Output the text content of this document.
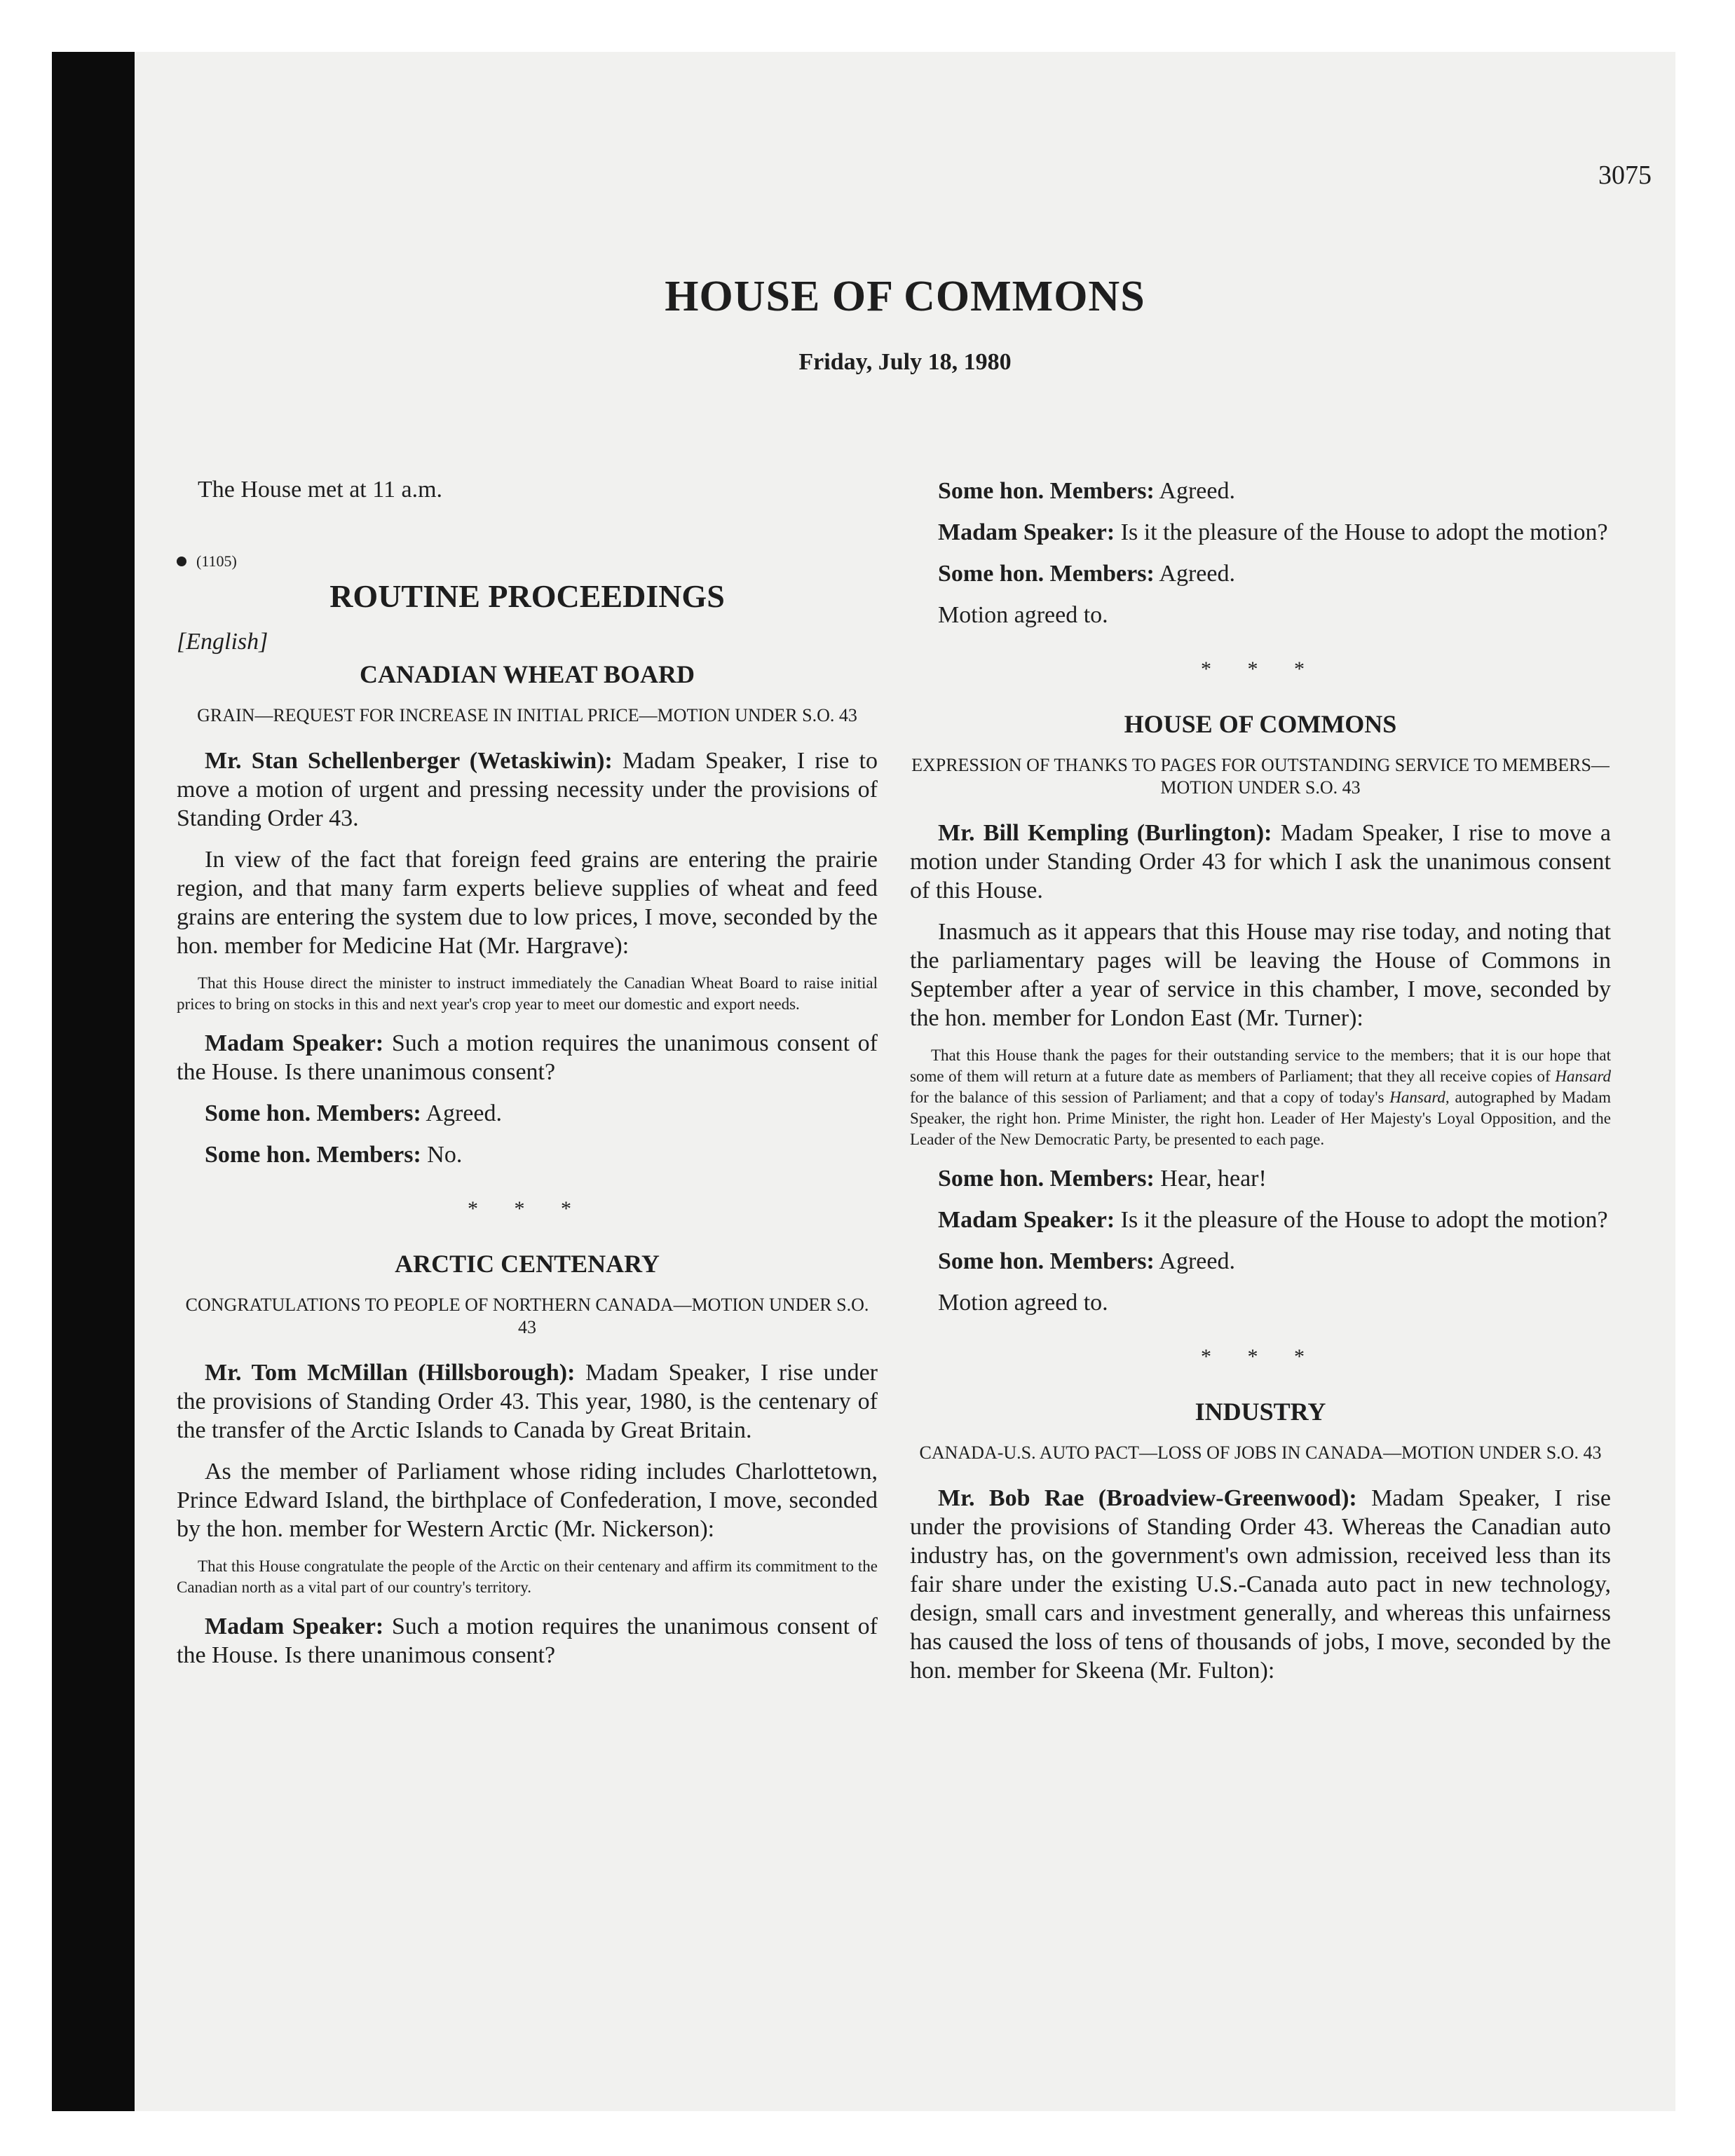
3075
HOUSE OF COMMONS
Friday, July 18, 1980

The House met at 11 a.m.

(1105)
ROUTINE PROCEEDINGS
[English]
CANADIAN WHEAT BOARD
GRAIN—REQUEST FOR INCREASE IN INITIAL PRICE—MOTION UNDER S.O. 43

Mr. Stan Schellenberger (Wetaskiwin): Madam Speaker, I rise to move a motion of urgent and pressing necessity under the provisions of Standing Order 43.

In view of the fact that foreign feed grains are entering the prairie region, and that many farm experts believe supplies of wheat and feed grains are entering the system due to low prices, I move, seconded by the hon. member for Medicine Hat (Mr. Hargrave):

That this House direct the minister to instruct immediately the Canadian Wheat Board to raise initial prices to bring on stocks in this and next year's crop year to meet our domestic and export needs.

Madam Speaker: Such a motion requires the unanimous consent of the House. Is there unanimous consent?

Some hon. Members: Agreed.

Some hon. Members: No.

* * *
ARCTIC CENTENARY
CONGRATULATIONS TO PEOPLE OF NORTHERN CANADA—MOTION UNDER S.O. 43

Mr. Tom McMillan (Hillsborough): Madam Speaker, I rise under the provisions of Standing Order 43. This year, 1980, is the centenary of the transfer of the Arctic Islands to Canada by Great Britain.

As the member of Parliament whose riding includes Charlottetown, Prince Edward Island, the birthplace of Confederation, I move, seconded by the hon. member for Western Arctic (Mr. Nickerson):

That this House congratulate the people of the Arctic on their centenary and affirm its commitment to the Canadian north as a vital part of our country's territory.

Madam Speaker: Such a motion requires the unanimous consent of the House. Is there unanimous consent?

Some hon. Members: Agreed.

Madam Speaker: Is it the pleasure of the House to adopt the motion?

Some hon. Members: Agreed.

Motion agreed to.

* * *
HOUSE OF COMMONS
EXPRESSION OF THANKS TO PAGES FOR OUTSTANDING SERVICE TO MEMBERS—MOTION UNDER S.O. 43

Mr. Bill Kempling (Burlington): Madam Speaker, I rise to move a motion under Standing Order 43 for which I ask the unanimous consent of this House.

Inasmuch as it appears that this House may rise today, and noting that the parliamentary pages will be leaving the House of Commons in September after a year of service in this chamber, I move, seconded by the hon. member for London East (Mr. Turner):

That this House thank the pages for their outstanding service to the members; that it is our hope that some of them will return at a future date as members of Parliament; that they all receive copies of Hansard for the balance of this session of Parliament; and that a copy of today's Hansard, autographed by Madam Speaker, the right hon. Prime Minister, the right hon. Leader of Her Majesty's Loyal Opposition, and the Leader of the New Democratic Party, be presented to each page.

Some hon. Members: Hear, hear!

Madam Speaker: Is it the pleasure of the House to adopt the motion?

Some hon. Members: Agreed.

Motion agreed to.

* * *
INDUSTRY
CANADA-U.S. AUTO PACT—LOSS OF JOBS IN CANADA—MOTION UNDER S.O. 43

Mr. Bob Rae (Broadview-Greenwood): Madam Speaker, I rise under the provisions of Standing Order 43. Whereas the Canadian auto industry has, on the government's own admission, received less than its fair share under the existing U.S.-Canada auto pact in new technology, design, small cars and investment generally, and whereas this unfairness has caused the loss of tens of thousands of jobs, I move, seconded by the hon. member for Skeena (Mr. Fulton):
